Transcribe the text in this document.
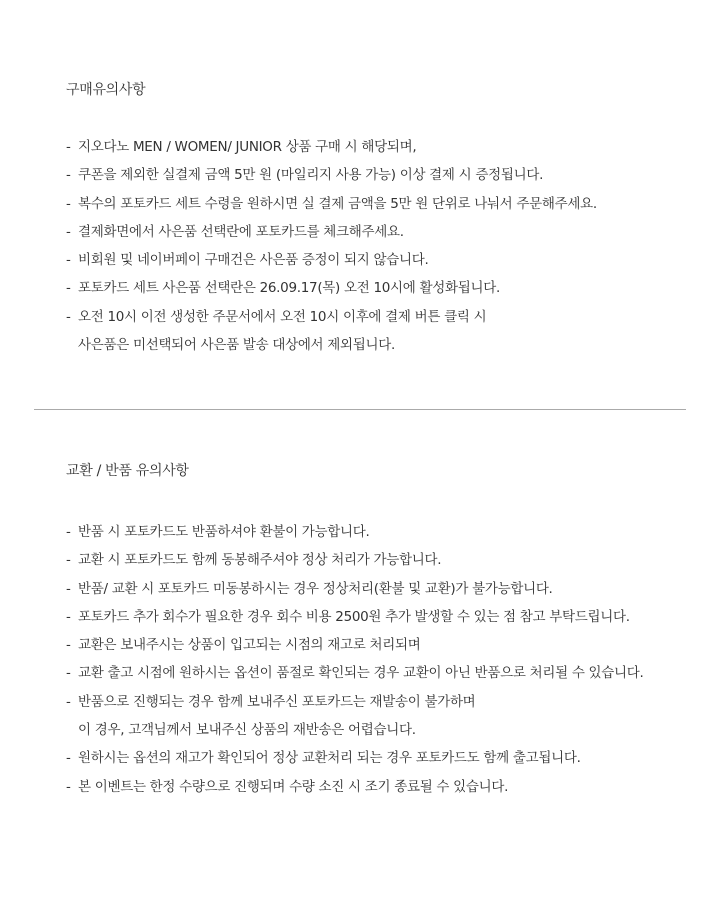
구매유의사항
- 지오다노 MEN / WOMEN/ JUNIOR 상품 구매 시 해당되며,
- 쿠폰을 제외한 실결제 금액 5만 원 (마일리지 사용 가능) 이상 결제 시 증정됩니다.
- 복수의 포토카드 세트 수령을 원하시면 실 결제 금액을 5만 원 단위로 나눠서 주문해주세요.
- 결제화면에서 사은품 선택란에 포토카드를 체크해주세요.
- 비회원 및 네이버페이 구매건은 사은품 증정이 되지 않습니다.
- 포토카드 세트 사은품 선택란은 26.09.17(목) 오전 10시에 활성화됩니다.
- 오전 10시 이전 생성한 주문서에서 오전 10시 이후에 결제 버튼 클릭 시
사은품은 미선택되어 사은품 발송 대상에서 제외됩니다.
교환 / 반품 유의사항
- 반품 시 포토카드도 반품하셔야 환불이 가능합니다.
- 교환 시 포토카드도 함께 동봉해주셔야 정상 처리가 가능합니다.
- 반품/ 교환 시 포토카드 미동봉하시는 경우 정상처리(환불 및 교환)가 불가능합니다.
- 포토카드 추가 회수가 필요한 경우 회수 비용 2500원 추가 발생할 수 있는 점 참고 부탁드립니다.
- 교환은 보내주시는 상품이 입고되는 시점의 재고로 처리되며
- 교환 출고 시점에 원하시는 옵션이 품절로 확인되는 경우 교환이 아닌 반품으로 처리될 수 있습니다.
- 반품으로 진행되는 경우 함께 보내주신 포토카드는 재발송이 불가하며
이 경우, 고객님께서 보내주신 상품의 재반송은 어렵습니다.
- 원하시는 옵션의 재고가 확인되어 정상 교환처리 되는 경우 포토카드도 함께 출고됩니다.
- 본 이벤트는 한정 수량으로 진행되며 수량 소진 시 조기 종료될 수 있습니다.
